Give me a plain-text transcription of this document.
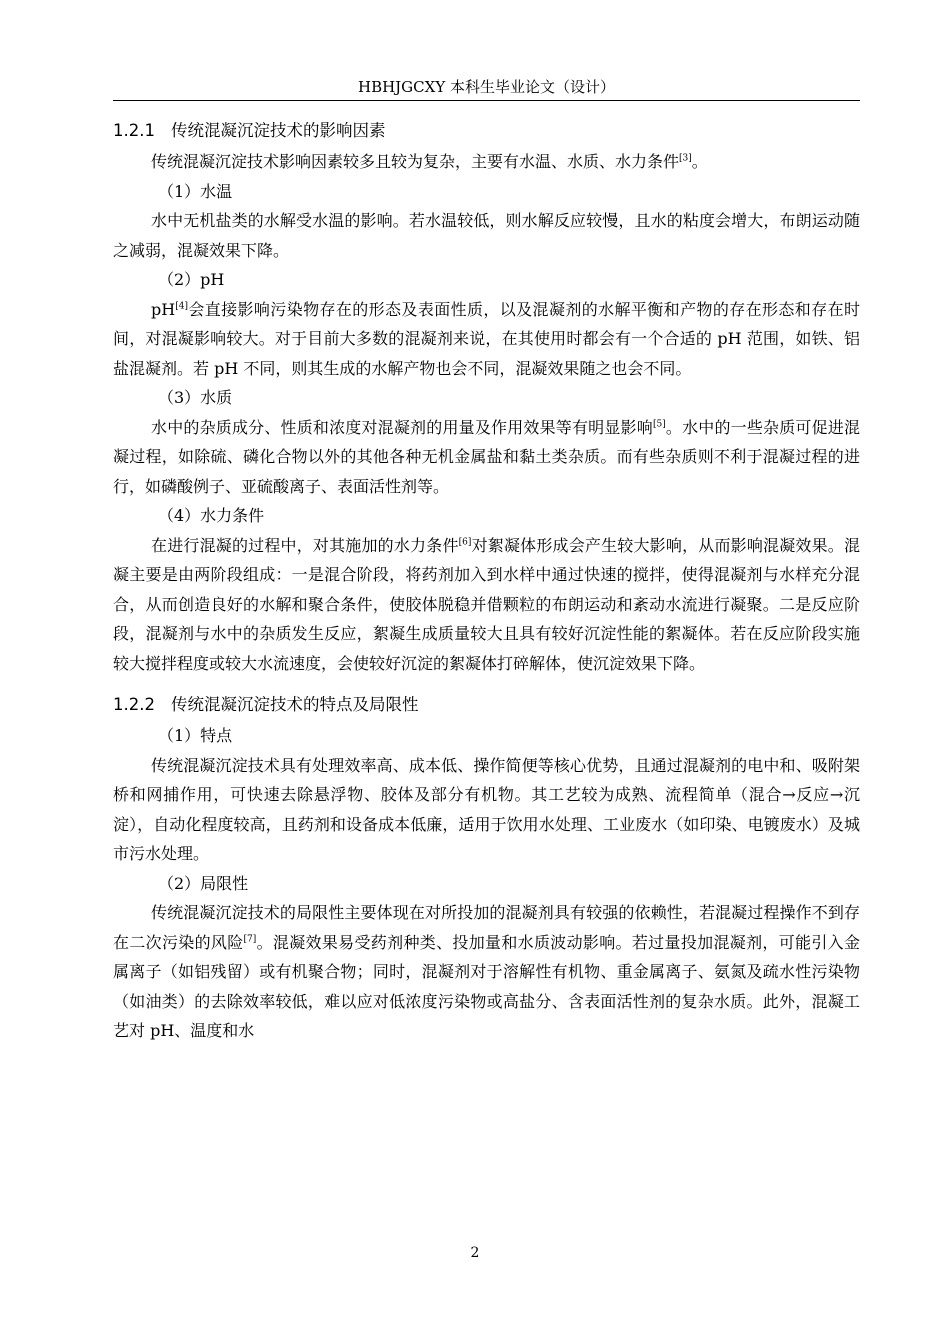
HBHJGCXY 本科生毕业论文（设计）
1.2.1 传统混凝沉淀技术的影响因素

传统混凝沉淀技术影响因素较多且较为复杂，主要有水温、水质、水力条件[3]。

（1）水温

水中无机盐类的水解受水温的影响。若水温较低，则水解反应较慢，且水的粘度会增大，布朗运动随之减弱，混凝效果下降。

（2）pH

pH[4]会直接影响污染物存在的形态及表面性质，以及混凝剂的水解平衡和产物的存在形态和存在时间，对混凝影响较大。对于目前大多数的混凝剂来说，在其使用时都会有一个合适的 pH 范围，如铁、铝盐混凝剂。若 pH 不同，则其生成的水解产物也会不同，混凝效果随之也会不同。

（3）水质

水中的杂质成分、性质和浓度对混凝剂的用量及作用效果等有明显影响[5]。水中的一些杂质可促进混凝过程，如除硫、磷化合物以外的其他各种无机金属盐和黏土类杂质。而有些杂质则不利于混凝过程的进行，如磷酸例子、亚硫酸离子、表面活性剂等。

（4）水力条件

在进行混凝的过程中，对其施加的水力条件[6]对絮凝体形成会产生较大影响，从而影响混凝效果。混凝主要是由两阶段组成：一是混合阶段，将药剂加入到水样中通过快速的搅拌，使得混凝剂与水样充分混合，从而创造良好的水解和聚合条件，使胶体脱稳并借颗粒的布朗运动和紊动水流进行凝聚。二是反应阶段，混凝剂与水中的杂质发生反应，絮凝生成质量较大且具有较好沉淀性能的絮凝体。若在反应阶段实施较大搅拌程度或较大水流速度，会使较好沉淀的絮凝体打碎解体，使沉淀效果下降。

1.2.2 传统混凝沉淀技术的特点及局限性

（1）特点

传统混凝沉淀技术具有处理效率高、成本低、操作简便等核心优势，且通过混凝剂的电中和、吸附架桥和网捕作用，可快速去除悬浮物、胶体及部分有机物。其工艺较为成熟、流程简单（混合→反应→沉淀），自动化程度较高，且药剂和设备成本低廉，适用于饮用水处理、工业废水（如印染、电镀废水）及城市污水处理。

（2）局限性

传统混凝沉淀技术的局限性主要体现在对所投加的混凝剂具有较强的依赖性，若混凝过程操作不到存在二次污染的风险[7]。混凝效果易受药剂种类、投加量和水质波动影响。若过量投加混凝剂，可能引入金属离子（如铝残留）或有机聚合物；同时，混凝剂对于溶解性有机物、重金属离子、氨氮及疏水性污染物（如油类）的去除效率较低，难以应对低浓度污染物或高盐分、含表面活性剂的复杂水质。此外，混凝工艺对 pH、温度和水

2
